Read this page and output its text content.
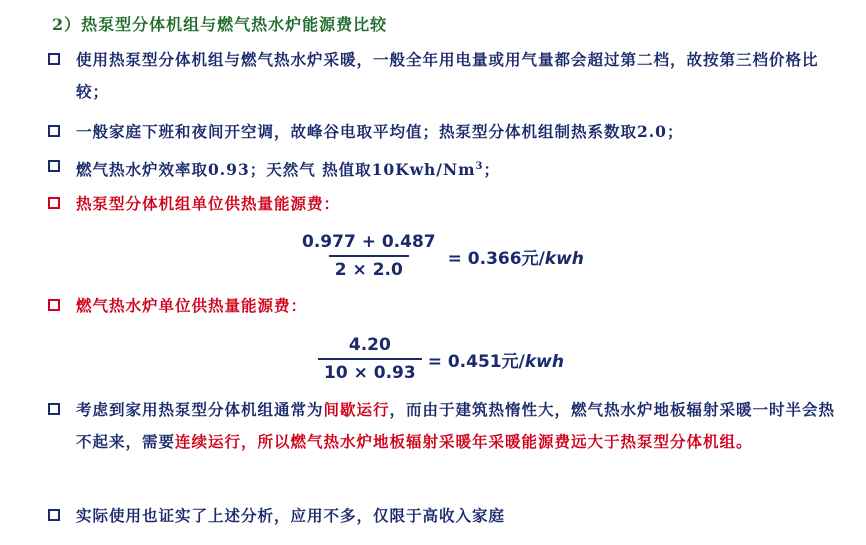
2）热泵型分体机组与燃气热水炉能源费比较
使用热泵型分体机组与燃气热水炉采暖，一般全年用电量或用气量都会超过第二档，故按第三档价格比较；
一般家庭下班和夜间开空调，故峰谷电取平均值；热泵型分体机组制热系数取2.0；
燃气热水炉效率取0.93；天然气 热值取10Kwh/Nm$^3$；
热泵型分体机组单位供热量能源费：
$\frac{0.977 + 0.487}{2 \times 2.0} = 0.366$元/kwh
燃气热水炉单位供热量能源费：
$\frac{4.20}{10 \times 0.93} = 0.451$元/kwh
考虑到家用热泵型分体机组通常为间歇运行，而由于建筑热惰性大，燃气热水炉地板辐射采暖一时半会热不起来，需要连续运行，所以燃气热水炉地板辐射采暖年采暖能源费远大于热泵型分体机组。
实际使用也证实了上述分析，应用不多，仅限于高收入家庭
